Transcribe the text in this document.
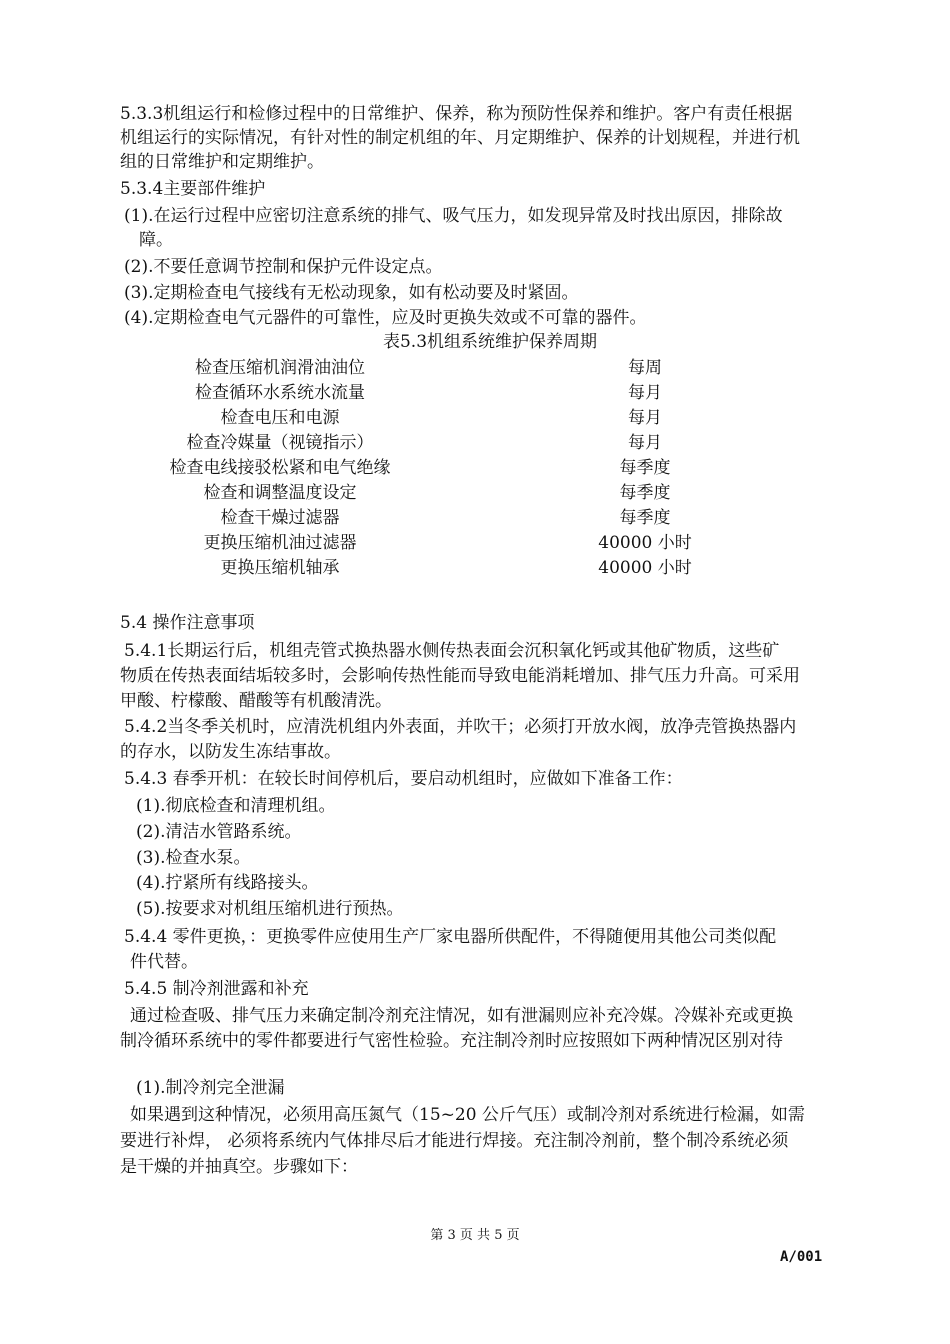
5.3.3机组运行和检修过程中的日常维护、保养，称为预防性保养和维护。客户有责任根据
机组运行的实际情况，有针对性的制定机组的年、月定期维护、保养的计划规程，并进行机
组的日常维护和定期维护。
5.3.4主要部件维护
(1).在运行过程中应密切注意系统的排气、吸气压力，如发现异常及时找出原因，排除故
障。
(2).不要任意调节控制和保护元件设定点。
(3).定期检查电气接线有无松动现象，如有松动要及时紧固。
(4).定期检查电气元器件的可靠性，应及时更换失效或不可靠的器件。
表5.3机组系统维护保养周期
检查压缩机润滑油油位	每周
检查循环水系统水流量	每月
检查电压和电源	每月
检查冷媒量（视镜指示）	每月
检查电线接驳松紧和电气绝缘	每季度
检查和调整温度设定	每季度
检查干燥过滤器	每季度
更换压缩机油过滤器	40000 小时
更换压缩机轴承	40000 小时
5.4 操作注意事项
5.4.1长期运行后，机组壳管式换热器水侧传热表面会沉积氧化钙或其他矿物质，这些矿
物质在传热表面结垢较多时，会影响传热性能而导致电能消耗增加、排气压力升高。可采用
甲酸、柠檬酸、醋酸等有机酸清洗。
5.4.2当冬季关机时，应清洗机组内外表面，并吹干；必须打开放水阀，放净壳管换热器内
的存水，以防发生冻结事故。
5.4.3 春季开机：在较长时间停机后，要启动机组时，应做如下准备工作：
(1).彻底检查和清理机组。
(2).清洁水管路系统。
(3).检查水泵。
(4).拧紧所有线路接头。
(5).按要求对机组压缩机进行预热。
5.4.4 零件更换，：更换零件应使用生产厂家电器所供配件，不得随便用其他公司类似配
件代替。
5.4.5 制冷剂泄露和补充
通过检查吸、排气压力来确定制冷剂充注情况，如有泄漏则应补充冷媒。冷媒补充或更换
制冷循环系统中的零件都要进行气密性检验。充注制冷剂时应按照如下两种情况区别对待
(1).制冷剂完全泄漏
如果遇到这种情况，必须用高压氮气（15~20 公斤气压）或制冷剂对系统进行检漏，如需
要进行补焊， 必须将系统内气体排尽后才能进行焊接。充注制冷剂前，整个制冷系统必须
是干燥的并抽真空。步骤如下：
第 3 页 共 5 页
A/001
